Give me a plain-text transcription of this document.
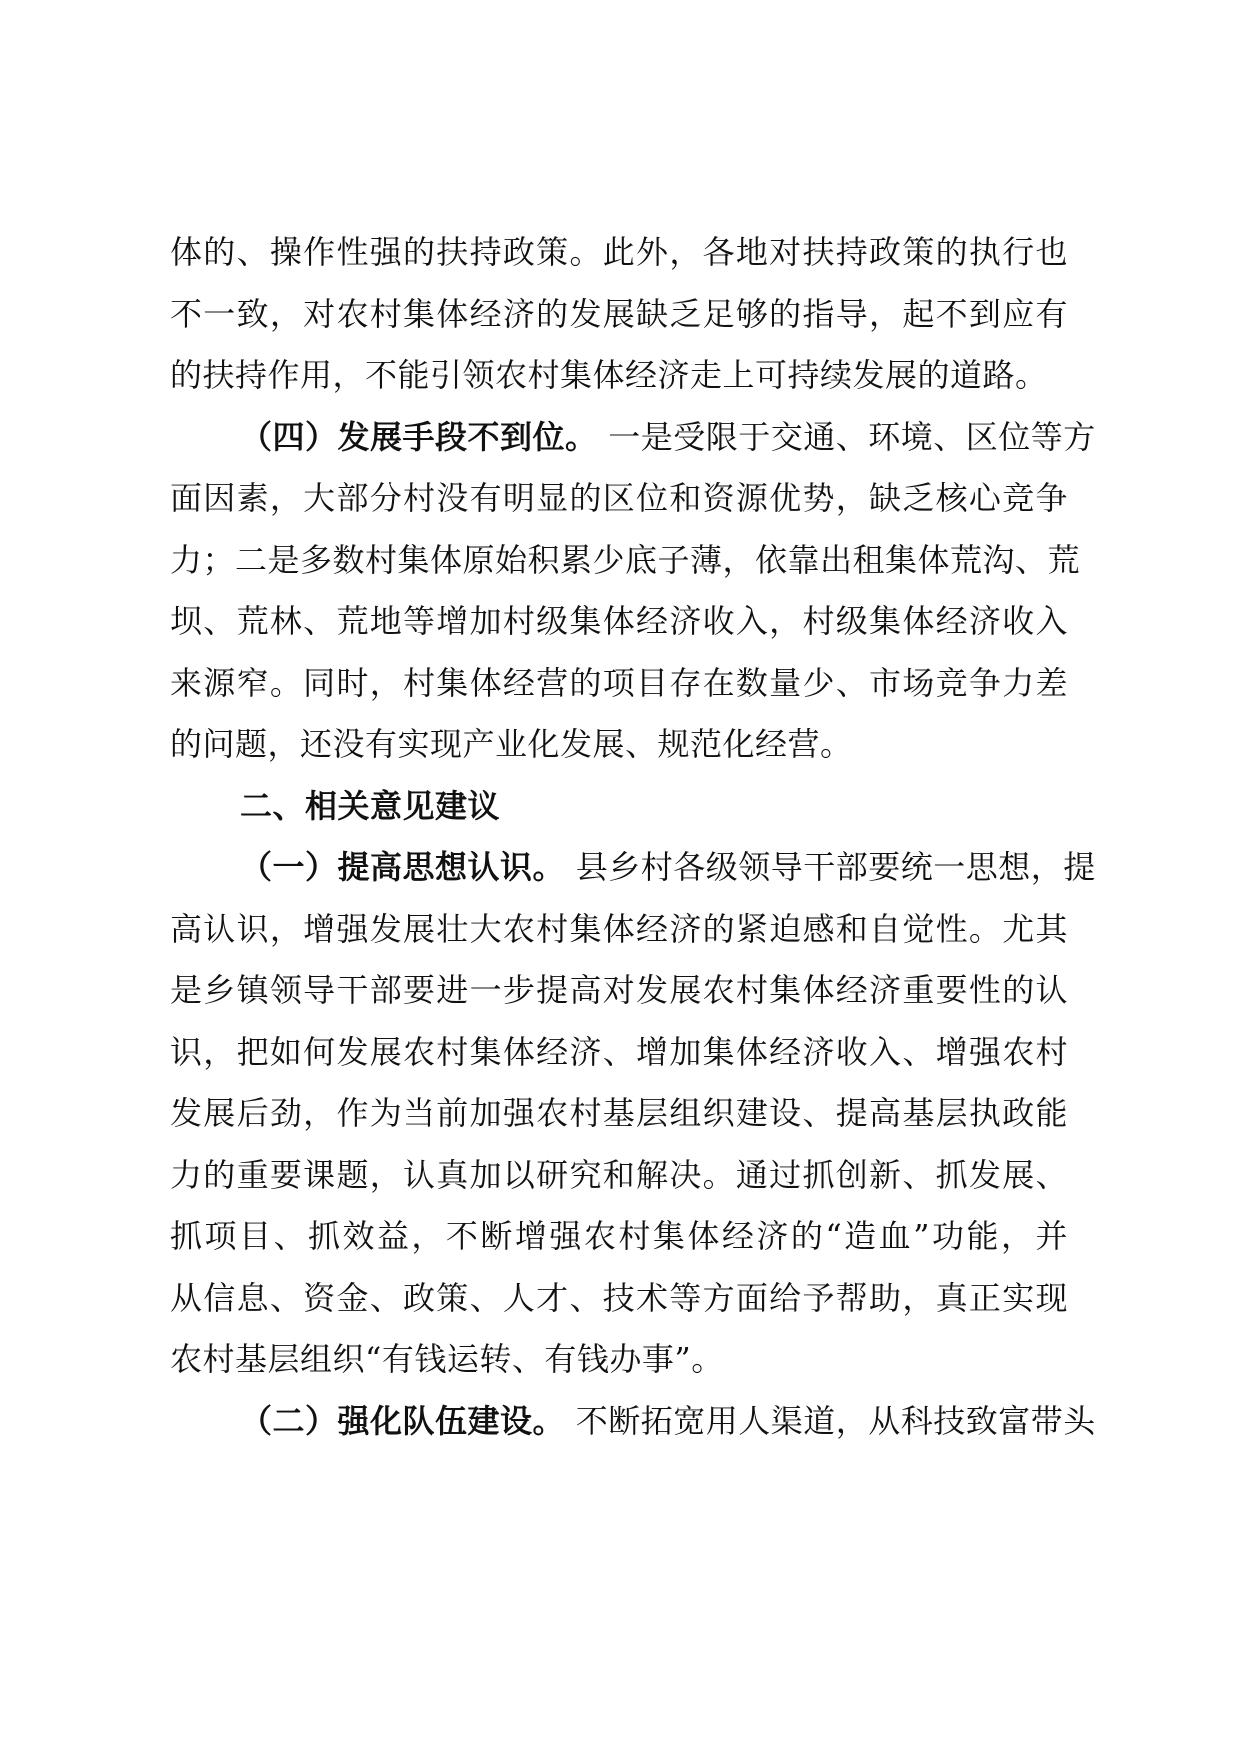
体的、操作性强的扶持政策。此外，各地对扶持政策的执行也
不一致，对农村集体经济的发展缺乏足够的指导，起不到应有
的扶持作用，不能引领农村集体经济走上可持续发展的道路。
（四）发展手段不到位。 一是受限于交通、环境、区位等方
面因素，大部分村没有明显的区位和资源优势，缺乏核心竞争
力；二是多数村集体原始积累少底子薄，依靠出租集体荒沟、荒
坝、荒林、荒地等增加村级集体经济收入，村级集体经济收入
来源窄。同时，村集体经营的项目存在数量少、市场竞争力差
的问题，还没有实现产业化发展、规范化经营。
二、相关意见建议
（一）提高思想认识。 县乡村各级领导干部要统一思想，提
高认识，增强发展壮大农村集体经济的紧迫感和自觉性。尤其
是乡镇领导干部要进一步提高对发展农村集体经济重要性的认
识，把如何发展农村集体经济、增加集体经济收入、增强农村
发展后劲，作为当前加强农村基层组织建设、提高基层执政能
力的重要课题，认真加以研究和解决。通过抓创新、抓发展、
抓项目、抓效益，不断增强农村集体经济的“造血”功能，并
从信息、资金、政策、人才、技术等方面给予帮助，真正实现
农村基层组织“有钱运转、有钱办事”。
（二）强化队伍建设。 不断拓宽用人渠道，从科技致富带头
